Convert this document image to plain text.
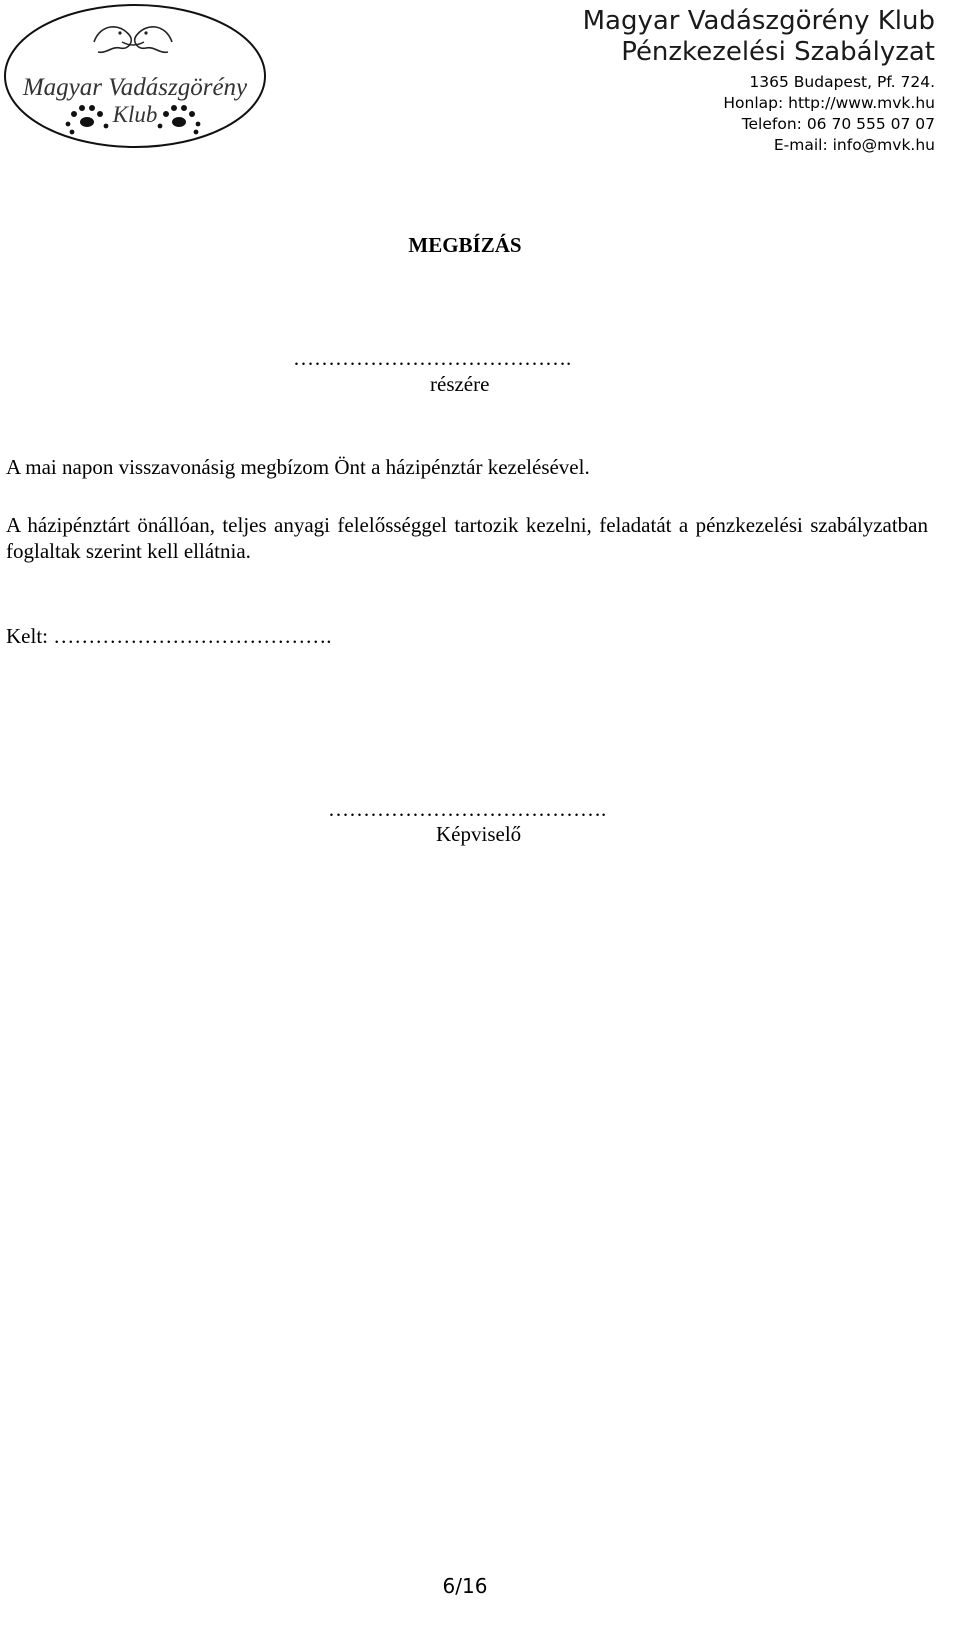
Magyar Vadászgörény
Klub
Magyar Vadászgörény Klub
Pénzkezelési Szabályzat
1365 Budapest, Pf. 724.
Honlap: http://www.mvk.hu
Telefon: 06 70 555 07 07
E-mail: info@mvk.hu
MEGBÍZÁS
………………………………….
részére
A mai napon visszavonásig megbízom Önt a házipénztár kezelésével.
A házipénztárt önállóan, teljes anyagi felelősséggel tartozik kezelni, feladatát a pénzkezelési szabályzatban foglaltak szerint kell ellátnia.
Kelt: ………………………………….
………………………………….
Képviselő
6/16
